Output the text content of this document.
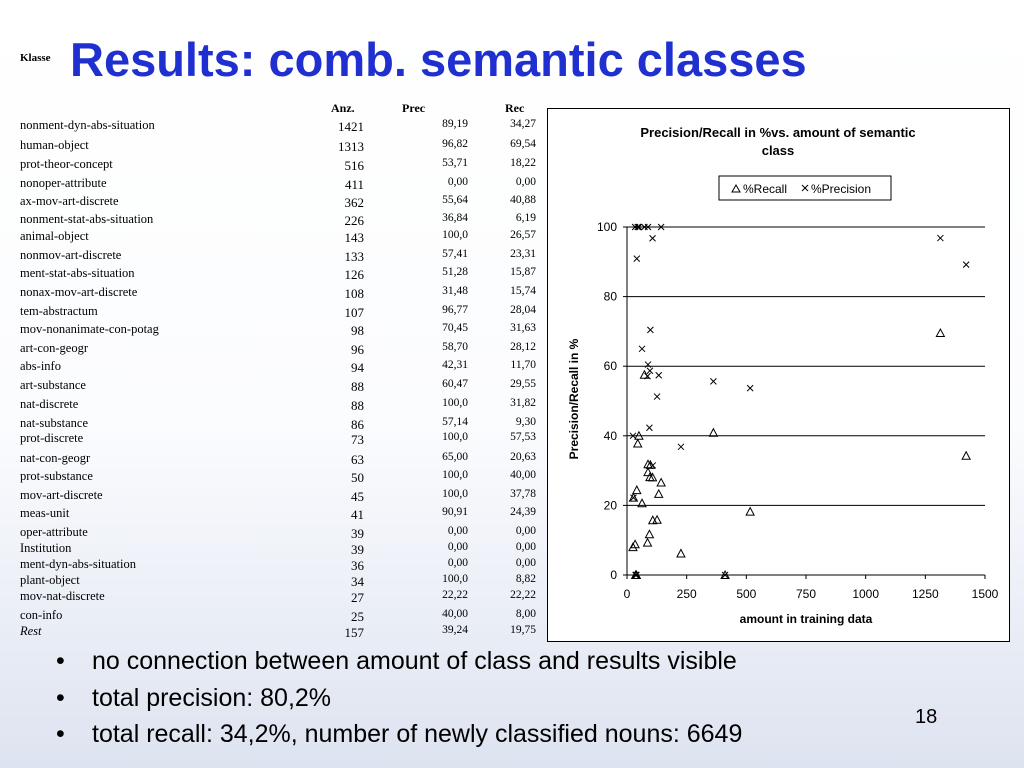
Results: comb. semantic classes
Klasse
Anz.	Prec	Rec
nonment-dyn-abs-situation	1421	89,19	34,27
human-object	1313	96,82	69,54
prot-theor-concept	516	53,71	18,22
nonoper-attribute	411	0,00	0,00
ax-mov-art-discrete	362	55,64	40,88
nonment-stat-abs-situation	226	36,84	6,19
animal-object	143	100,0	26,57
nonmov-art-discrete	133	57,41	23,31
ment-stat-abs-situation	126	51,28	15,87
nonax-mov-art-discrete	108	31,48	15,74
tem-abstractum	107	96,77	28,04
mov-nonanimate-con-potag	98	70,45	31,63
art-con-geogr	96	58,70	28,12
abs-info	94	42,31	11,70
art-substance	88	60,47	29,55
nat-discrete	88	100,0	31,82
nat-substance	86	57,14	9,30
prot-discrete	73	100,0	57,53
nat-con-geogr	63	65,00	20,63
prot-substance	50	100,0	40,00
mov-art-discrete	45	100,0	37,78
meas-unit	41	90,91	24,39
oper-attribute	39	0,00	0,00
Institution	39	0,00	0,00
ment-dyn-abs-situation	36	0,00	0,00
plant-object	34	100,0	8,82
mov-nat-discrete	27	22,22	22,22
con-info	25	40,00	8,00
Rest	157	39,24	19,75
Precision/Recall in %vs. amount of semantic
class
%Recall %Precision
Precision/Recall in %
amount in training data
0
20
40
60
80
100
0	250	500	750	1000	1250	1500
• no connection between amount of class and results visible
• total precision: 80,2%
• total recall: 34,2%, number of newly classified nouns: 6649
18
